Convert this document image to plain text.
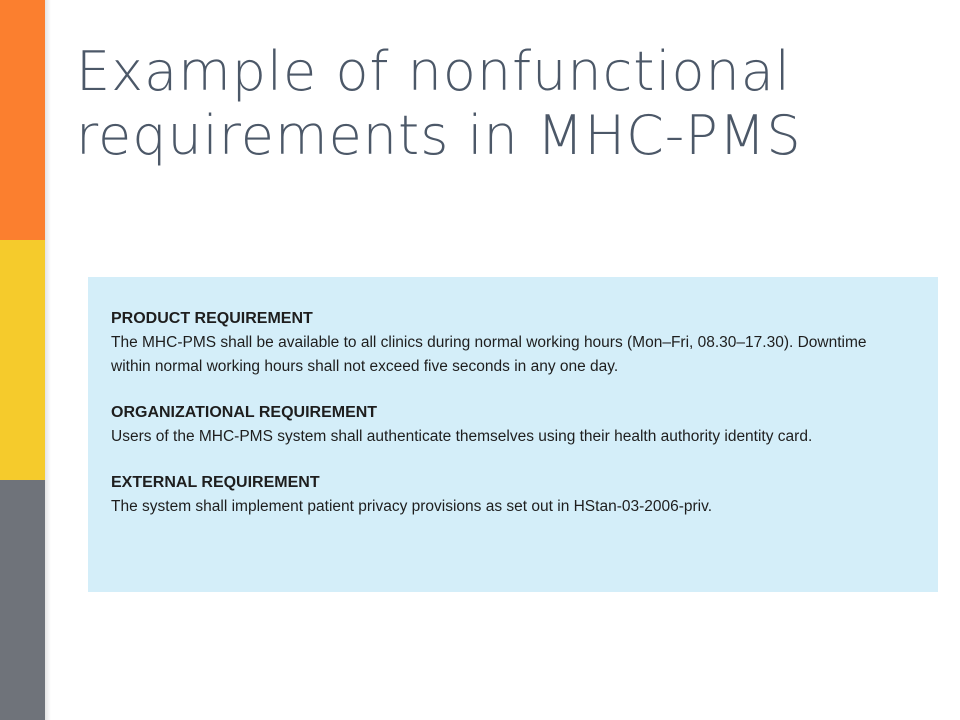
Example of nonfunctional
requirements in MHC-PMS
PRODUCT REQUIREMENT
The MHC-PMS shall be available to all clinics during normal working hours (Mon–Fri, 08.30–17.30). Downtime
within normal working hours shall not exceed five seconds in any one day.
ORGANIZATIONAL REQUIREMENT
Users of the MHC-PMS system shall authenticate themselves using their health authority identity card.
EXTERNAL REQUIREMENT
The system shall implement patient privacy provisions as set out in HStan-03-2006-priv.
